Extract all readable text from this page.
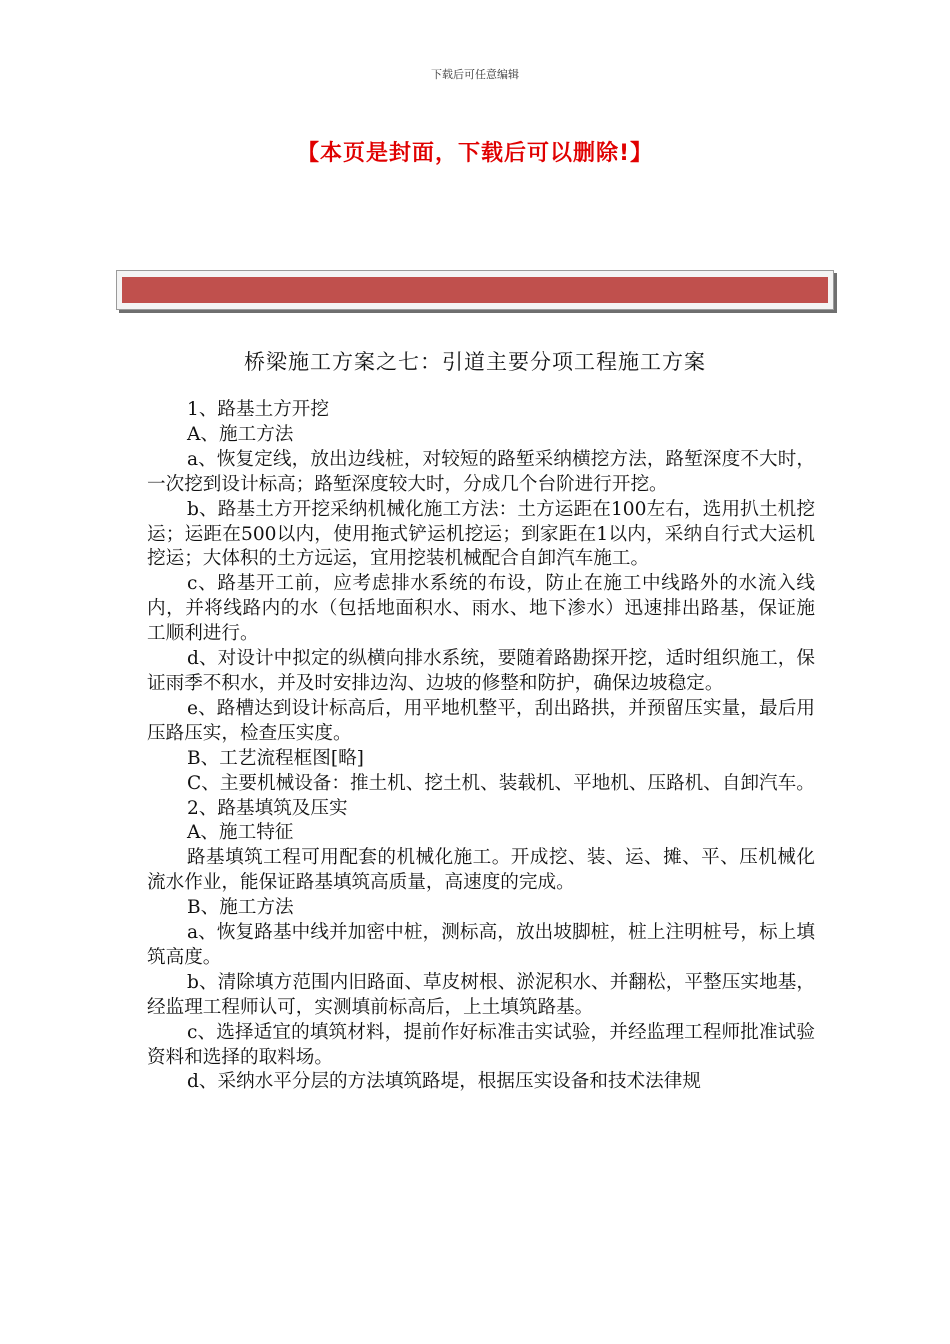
下载后可任意编辑
【本页是封面，下载后可以删除!】
桥梁施工方案之七：引道主要分项工程施工方案

1、路基土方开挖

A、施工方法

a、恢复定线，放出边线桩，对较短的路堑采纳横挖方法，路堑深度不大时，一次挖到设计标高；路堑深度较大时，分成几个台阶进行开挖。

b、路基土方开挖采纳机械化施工方法：土方运距在100左右，选用扒土机挖运；运距在500以内，使用拖式铲运机挖运；到家距在1以内，采纳自行式大运机挖运；大体积的土方远运，宜用挖装机械配合自卸汽车施工。

c、路基开工前，应考虑排水系统的布设，防止在施工中线路外的水流入线内，并将线路内的水（包括地面积水、雨水、地下渗水）迅速排出路基，保证施工顺利进行。

d、对设计中拟定的纵横向排水系统，要随着路勘探开挖，适时组织施工，保证雨季不积水，并及时安排边沟、边坡的修整和防护，确保边坡稳定。

e、路槽达到设计标高后，用平地机整平，刮出路拱，并预留压实量，最后用压路压实，检查压实度。

B、工艺流程框图[略]

C、主要机械设备：推土机、挖土机、装载机、平地机、压路机、自卸汽车。

2、路基填筑及压实

A、施工特征

路基填筑工程可用配套的机械化施工。开成挖、装、运、摊、平、压机械化流水作业，能保证路基填筑高质量，高速度的完成。

B、施工方法

a、恢复路基中线并加密中桩，测标高，放出坡脚桩，桩上注明桩号，标上填筑高度。

b、清除填方范围内旧路面、草皮树根、淤泥积水、并翻松，平整压实地基，经监理工程师认可，实测填前标高后，上土填筑路基。

c、选择适宜的填筑材料，提前作好标准击实试验，并经监理工程师批准试验资料和选择的取料场。

d、采纳水平分层的方法填筑路堤，根据压实设备和技术法律规
